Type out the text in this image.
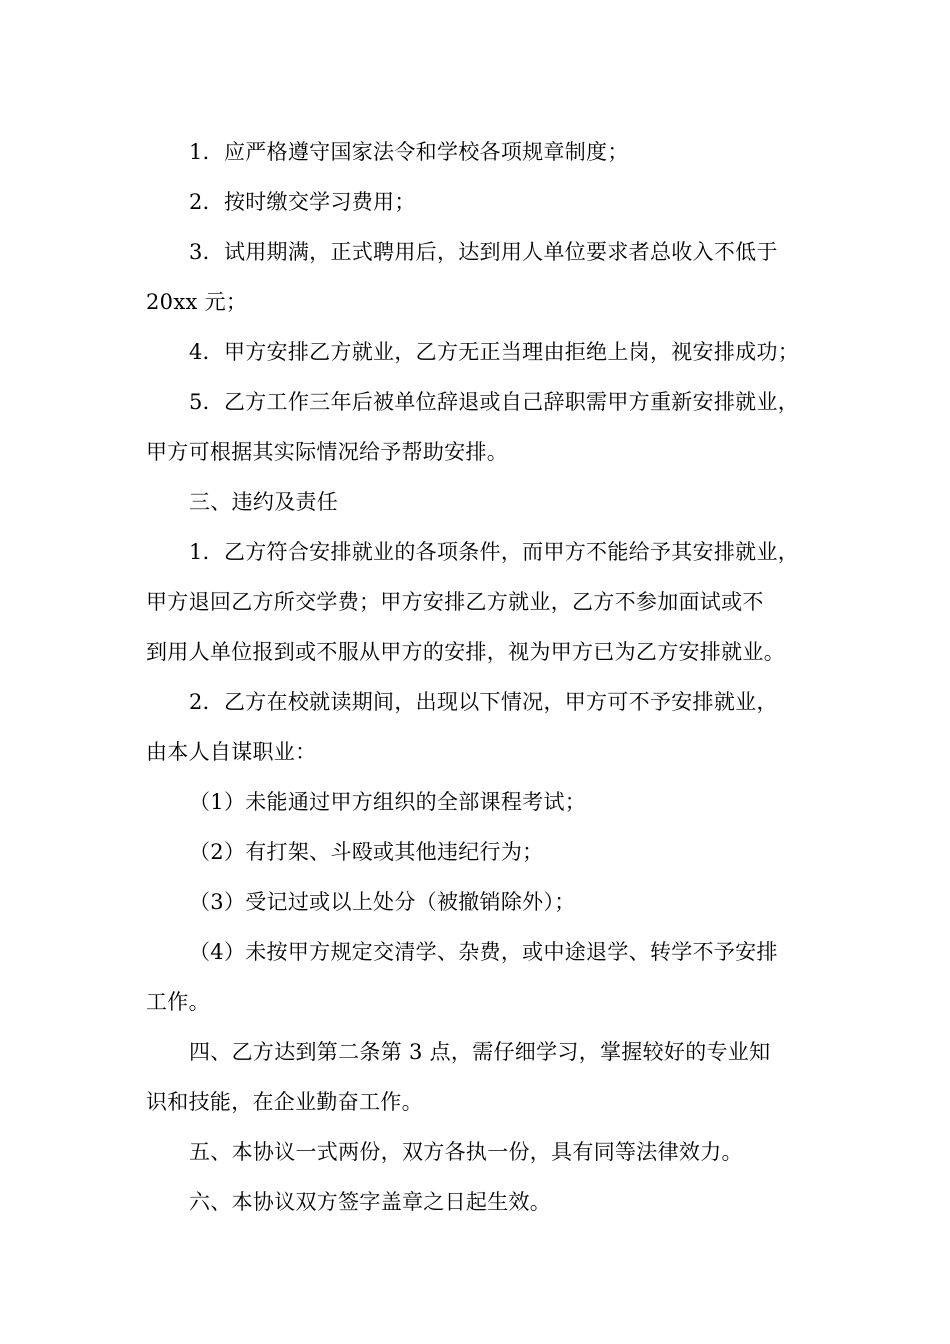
1．应严格遵守国家法令和学校各项规章制度；
2．按时缴交学习费用；
3．试用期满，正式聘用后，达到用人单位要求者总收入不低于
20xx 元；
4．甲方安排乙方就业，乙方无正当理由拒绝上岗，视安排成功；
5．乙方工作三年后被单位辞退或自己辞职需甲方重新安排就业，
甲方可根据其实际情况给予帮助安排。
三、违约及责任
1．乙方符合安排就业的各项条件，而甲方不能给予其安排就业，
甲方退回乙方所交学费；甲方安排乙方就业，乙方不参加面试或不
到用人单位报到或不服从甲方的安排，视为甲方已为乙方安排就业。
2．乙方在校就读期间，出现以下情况，甲方可不予安排就业，
由本人自谋职业：
（1）未能通过甲方组织的全部课程考试；
（2）有打架、斗殴或其他违纪行为；
（3）受记过或以上处分（被撤销除外）；
（4）未按甲方规定交清学、杂费，或中途退学、转学不予安排
工作。
四、乙方达到第二条第 3 点，需仔细学习，掌握较好的专业知
识和技能，在企业勤奋工作。
五、本协议一式两份，双方各执一份，具有同等法律效力。
六、本协议双方签字盖章之日起生效。
